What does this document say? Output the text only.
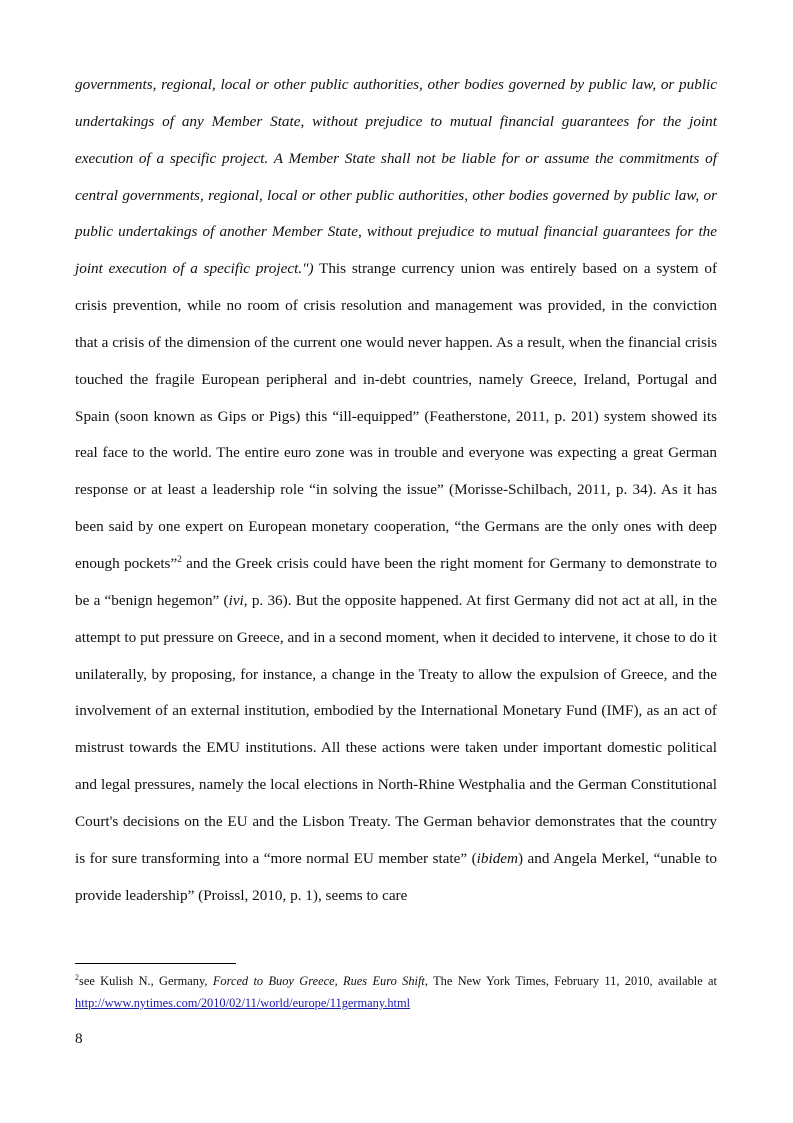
governments, regional, local or other public authorities, other bodies governed by public law, or public undertakings of any Member State, without prejudice to mutual financial guarantees for the joint execution of a specific project. A Member State shall not be liable for or assume the commitments of central governments, regional, local or other public authorities, other bodies governed by public law, or public undertakings of another Member State, without prejudice to mutual financial guarantees for the joint execution of a specific project.") This strange currency union was entirely based on a system of crisis prevention, while no room of crisis resolution and management was provided, in the conviction that a crisis of the dimension of the current one would never happen. As a result, when the financial crisis touched the fragile European peripheral and in-debt countries, namely Greece, Ireland, Portugal and Spain (soon known as Gips or Pigs) this “ill-equipped” (Featherstone, 2011, p. 201) system showed its real face to the world. The entire euro zone was in trouble and everyone was expecting a great German response or at least a leadership role “in solving the issue” (Morisse-Schilbach, 2011, p. 34). As it has been said by one expert on European monetary cooperation, “the Germans are the only ones with deep enough pockets”$^2$ and the Greek crisis could have been the right moment for Germany to demonstrate to be a “benign hegemon” (ivi, p. 36). But the opposite happened. At first Germany did not act at all, in the attempt to put pressure on Greece, and in a second moment, when it decided to intervene, it chose to do it unilaterally, by proposing, for instance, a change in the Treaty to allow the expulsion of Greece, and the involvement of an external institution, embodied by the International Monetary Fund (IMF), as an act of mistrust towards the EMU institutions. All these actions were taken under important domestic political and legal pressures, namely the local elections in North-Rhine Westphalia and the German Constitutional Court's decisions on the EU and the Lisbon Treaty. The German behavior demonstrates that the country is for sure transforming into a “more normal EU member state” (ibidem) and Angela Merkel, “unable to provide leadership” (Proissl, 2010, p. 1), seems to care

$^2$see Kulish N., Germany, Forced to Buoy Greece, Rues Euro Shift, The New York Times, February 11, 2010, available at http://www.nytimes.com/2010/02/11/world/europe/11germany.html

8
